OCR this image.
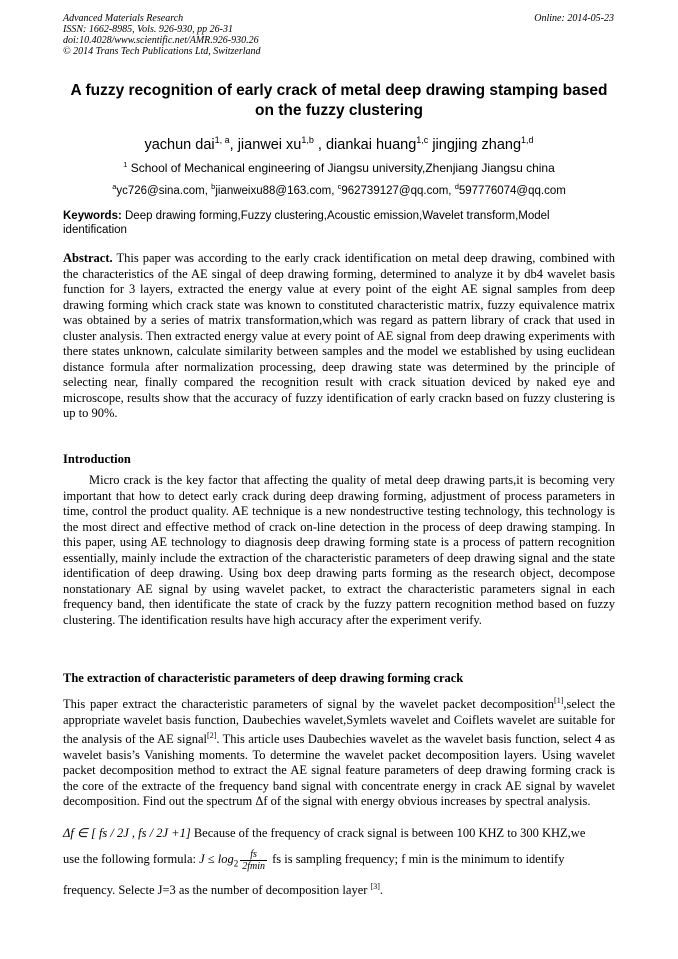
Advanced Materials Research
ISSN: 1662-8985, Vols. 926-930, pp 26-31
doi:10.4028/www.scientific.net/AMR.926-930.26
© 2014 Trans Tech Publications Ltd, Switzerland
Online: 2014-05-23
A fuzzy recognition of early crack of metal deep drawing stamping based
on the fuzzy clustering
yachun dai$^{1, a}$, jianwei xu$^{1,b}$ , diankai huang$^{1,c}$ jingjing zhang$^{1,d}$
$^1$ School of Mechanical engineering of Jiangsu university,Zhenjiang Jiangsu china
$^a$yc726@sina.com, $^b$jianweixu88@163.com, $^c$962739127@qq.com, $^d$597776074@qq.com
Keywords: Deep drawing forming,Fuzzy clustering,Acoustic emission,Wavelet transform,Model identification
Abstract. This paper was according to the early crack identification on metal deep drawing, combined with the characteristics of the AE singal of deep drawing forming, determined to analyze it by db4 wavelet basis function for 3 layers, extracted the energy value at every point of the eight AE signal samples from deep drawing forming which crack state was known to constituted characteristic matrix, fuzzy equivalence matrix was obtained by a series of matrix transformation,which was regard as pattern library of crack that used in cluster analysis. Then extracted energy value at every point of AE signal from deep drawing experiments with there states unknown, calculate similarity between samples and the model we established by using euclidean distance formula after normalization processing, deep drawing state was determined by the principle of selecting near, finally compared the recognition result with crack situation deviced by naked eye and microscope, results show that the accuracy of fuzzy identification of early crackn based on fuzzy clustering is up to 90%.
Introduction
Micro crack is the key factor that affecting the quality of metal deep drawing parts,it is becoming very important that how to detect early crack during deep drawing forming, adjustment of process parameters in time, control the product quality. AE technique is a new nondestructive testing technology, this technology is the most direct and effective method of crack on-line detection in the process of deep drawing stamping. In this paper, using AE technology to diagnosis deep drawing forming state is a process of pattern recognition essentially, mainly include the extraction of the characteristic parameters of deep drawing signal and the state identification of deep drawing. Using box deep drawing parts forming as the research object, decompose nonstationary AE signal by using wavelet packet, to extract the characteristic parameters signal in each frequency band, then identificate the state of crack by the fuzzy pattern recognition method based on fuzzy clustering. The identification results have high accuracy after the experiment verify.
The extraction of characteristic parameters of deep drawing forming crack
This paper extract the characteristic parameters of signal by the wavelet packet decomposition[1],select the appropriate wavelet basis function, Daubechies wavelet,Symlets wavelet and Coiflets wavelet are suitable for the analysis of the AE signal[2]. This article uses Daubechies wavelet as the wavelet basis function, select 4 as wavelet basis’s Vanishing moments. To determine the wavelet packet decomposition layers. Using wavelet packet decomposition method to extract the AE signal feature parameters of deep drawing forming crack is the core of the extracte of the frequency band signal with concentrate energy in crack AE signal by wavelet decomposition. Find out the spectrum Δf of the signal with energy obvious increases by spectral analysis.
Δf ∈ [ fs / 2J , fs / 2J +1] Because of the frequency of crack signal is between 100 KHZ to 300 KHZ,we
use the following formula: $J \le \log_2 \frac{fs}{2fmin}$ fs is sampling frequency; f min is the minimum to identify
frequency. Selecte J=3 as the number of decomposition layer [3].
